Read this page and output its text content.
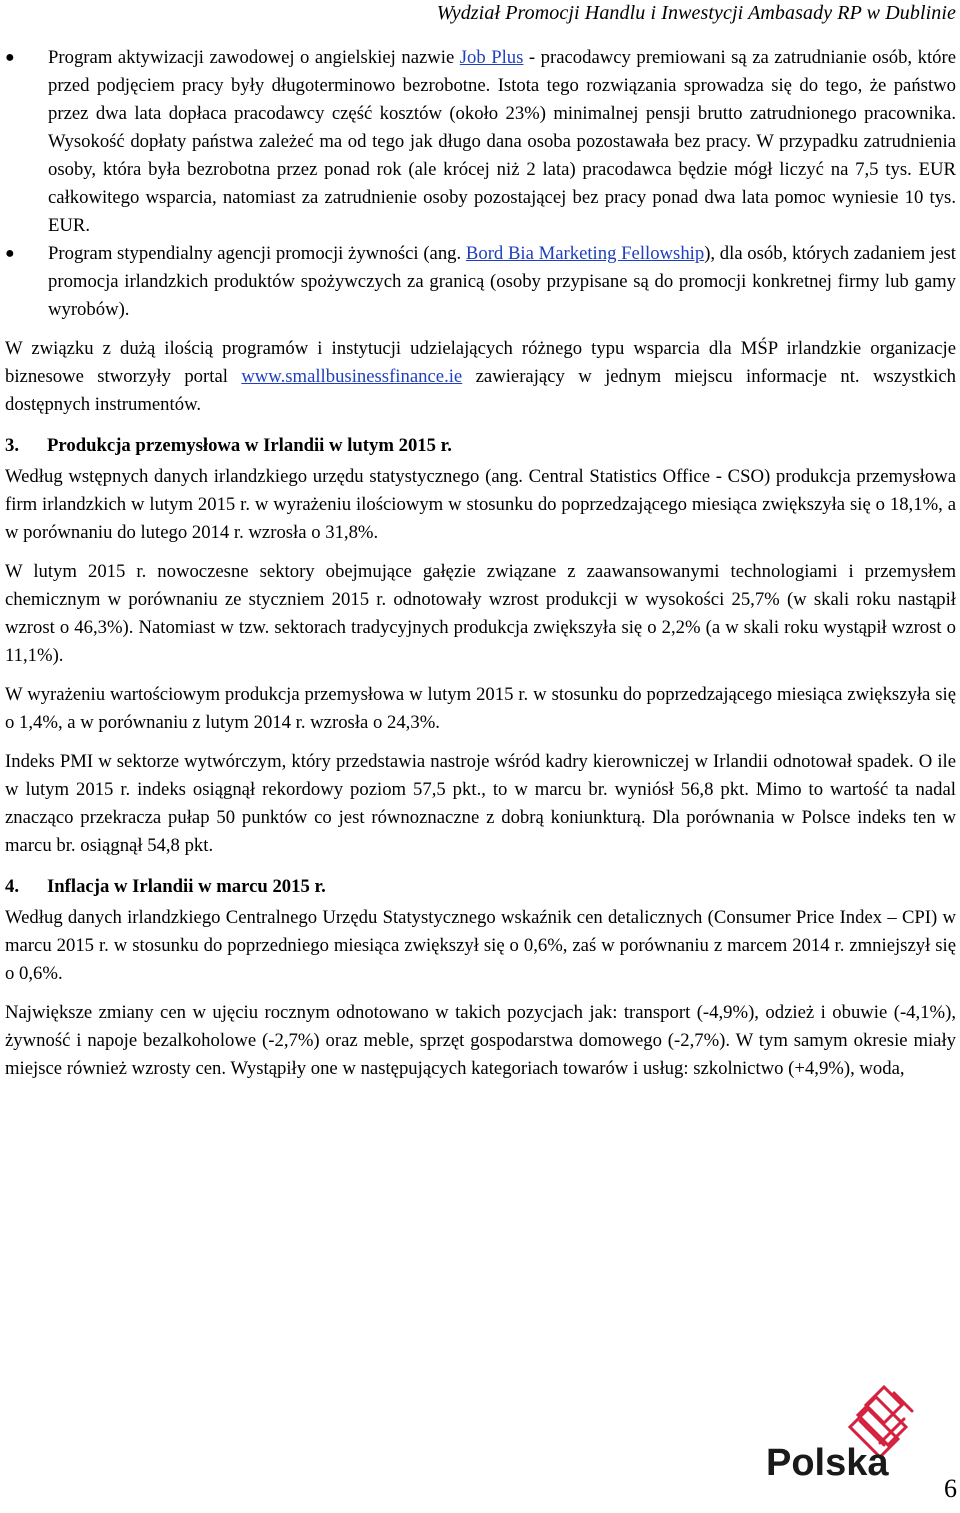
Wydział Promocji Handlu i Inwestycji Ambasady RP w Dublinie
● Program aktywizacji zawodowej o angielskiej nazwie Job Plus - pracodawcy premiowani są za zatrudnianie osób, które przed podjęciem pracy były długoterminowo bezrobotne. Istota tego rozwiązania sprowadza się do tego, że państwo przez dwa lata dopłaca pracodawcy część kosztów (około 23%) minimalnej pensji brutto zatrudnionego pracownika. Wysokość dopłaty państwa zależeć ma od tego jak długo dana osoba pozostawała bez pracy. W przypadku zatrudnienia osoby, która była bezrobotna przez ponad rok (ale krócej niż 2 lata) pracodawca będzie mógł liczyć na 7,5 tys. EUR całkowitego wsparcia, natomiast za zatrudnienie osoby pozostającej bez pracy ponad dwa lata pomoc wyniesie 10 tys. EUR.
● Program stypendialny agencji promocji żywności (ang. Bord Bia Marketing Fellowship), dla osób, których zadaniem jest promocja irlandzkich produktów spożywczych za granicą (osoby przypisane są do promocji konkretnej firmy lub gamy wyrobów).

W związku z dużą ilością programów i instytucji udzielających różnego typu wsparcia dla MŚP irlandzkie organizacje biznesowe stworzyły portal www.smallbusinessfinance.ie zawierający w jednym miejscu informacje nt. wszystkich dostępnych instrumentów.

3. Produkcja przemysłowa w Irlandii w lutym 2015 r.

Według wstępnych danych irlandzkiego urzędu statystycznego (ang. Central Statistics Office - CSO) produkcja przemysłowa firm irlandzkich w lutym 2015 r. w wyrażeniu ilościowym w stosunku do poprzedzającego miesiąca zwiększyła się o 18,1%, a w porównaniu do lutego 2014 r. wzrosła o 31,8%.

W lutym 2015 r. nowoczesne sektory obejmujące gałęzie związane z zaawansowanymi technologiami i przemysłem chemicznym w porównaniu ze styczniem 2015 r. odnotowały wzrost produkcji w wysokości 25,7% (w skali roku nastąpił wzrost o 46,3%). Natomiast w tzw. sektorach tradycyjnych produkcja zwiększyła się o 2,2% (a w skali roku wystąpił wzrost o 11,1%).

W wyrażeniu wartościowym produkcja przemysłowa w lutym 2015 r. w stosunku do poprzedzającego miesiąca zwiększyła się o 1,4%, a w porównaniu z lutym 2014 r. wzrosła o 24,3%.

Indeks PMI w sektorze wytwórczym, który przedstawia nastroje wśród kadry kierowniczej w Irlandii odnotował spadek. O ile w lutym 2015 r. indeks osiągnął rekordowy poziom 57,5 pkt., to w marcu br. wyniósł 56,8 pkt. Mimo to wartość ta nadal znacząco przekracza pułap 50 punktów co jest równoznaczne z dobrą koniunkturą. Dla porównania w Polsce indeks ten w marcu br. osiągnął 54,8 pkt.

4. Inflacja w Irlandii w marcu 2015 r.

Według danych irlandzkiego Centralnego Urzędu Statystycznego wskaźnik cen detalicznych (Consumer Price Index – CPI) w marcu 2015 r. w stosunku do poprzedniego miesiąca zwiększył się o 0,6%, zaś w porównaniu z marcem 2014 r. zmniejszył się o 0,6%.

Największe zmiany cen w ujęciu rocznym odnotowano w takich pozycjach jak: transport (-4,9%), odzież i obuwie (-4,1%), żywność i napoje bezalkoholowe (-2,7%) oraz meble, sprzęt gospodarstwa domowego (-2,7%). W tym samym okresie miały miejsce również wzrosty cen. Wystąpiły one w następujących kategoriach towarów i usług: szkolnictwo (+4,9%), woda,

Polska
6
